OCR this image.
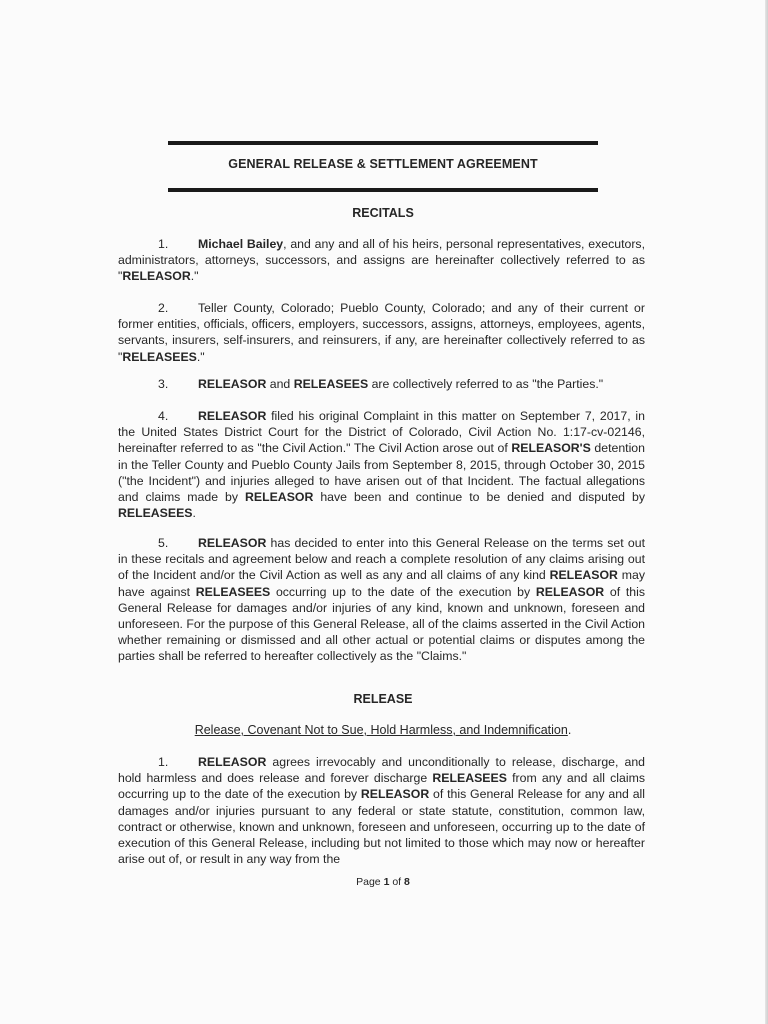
GENERAL RELEASE & SETTLEMENT AGREEMENT
RECITALS

1. Michael Bailey, and any and all of his heirs, personal representatives, executors, administrators, attorneys, successors, and assigns are hereinafter collectively referred to as "RELEASOR."

2. Teller County, Colorado; Pueblo County, Colorado; and any of their current or former entities, officials, officers, employers, successors, assigns, attorneys, employees, agents, servants, insurers, self-insurers, and reinsurers, if any, are hereinafter collectively referred to as "RELEASEES."

3. RELEASOR and RELEASEES are collectively referred to as "the Parties."

4. RELEASOR filed his original Complaint in this matter on September 7, 2017, in the United States District Court for the District of Colorado, Civil Action No. 1:17-cv-02146, hereinafter referred to as "the Civil Action." The Civil Action arose out of RELEASOR'S detention in the Teller County and Pueblo County Jails from September 8, 2015, through October 30, 2015 ("the Incident") and injuries alleged to have arisen out of that Incident. The factual allegations and claims made by RELEASOR have been and continue to be denied and disputed by RELEASEES.

5. RELEASOR has decided to enter into this General Release on the terms set out in these recitals and agreement below and reach a complete resolution of any claims arising out of the Incident and/or the Civil Action as well as any and all claims of any kind RELEASOR may have against RELEASEES occurring up to the date of the execution by RELEASOR of this General Release for damages and/or injuries of any kind, known and unknown, foreseen and unforeseen. For the purpose of this General Release, all of the claims asserted in the Civil Action whether remaining or dismissed and all other actual or potential claims or disputes among the parties shall be referred to hereafter collectively as the "Claims."

RELEASE
Release, Covenant Not to Sue, Hold Harmless, and Indemnification.

1. RELEASOR agrees irrevocably and unconditionally to release, discharge, and hold harmless and does release and forever discharge RELEASEES from any and all claims occurring up to the date of the execution by RELEASOR of this General Release for any and all damages and/or injuries pursuant to any federal or state statute, constitution, common law, contract or otherwise, known and unknown, foreseen and unforeseen, occurring up to the date of execution of this General Release, including but not limited to those which may now or hereafter arise out of, or result in any way from the

Page 1 of 8
